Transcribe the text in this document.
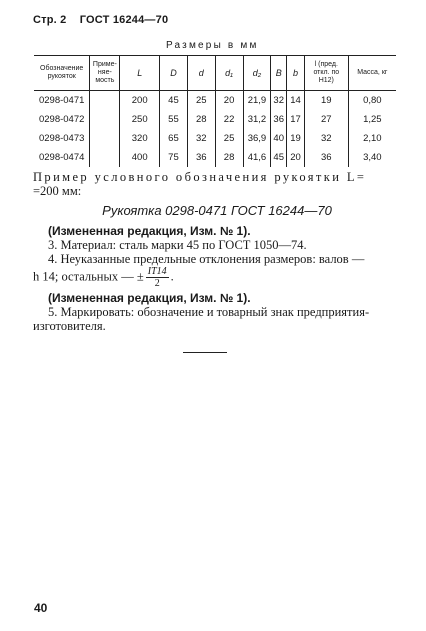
Стр. 2 ГОСТ 16244—70
Размеры в мм
Обозначение рукояток	Приме- няе- мость	L	D	d	d₁	d₂	B	b	l (пред. откл. по H12)	Масса, кг
0298-0471		200	45	25	20	21,9	32	14	19	0,80
0298-0472		250	55	28	22	31,2	36	17	27	1,25
0298-0473		320	65	32	25	36,9	40	19	32	2,10
0298-0474		400	75	36	28	41,6	45	20	36	3,40
Пример условного обозначения рукоятки L=
=200 мм:
Рукоятка 0298-0471 ГОСТ 16244—70
(Измененная редакция, Изм. № 1).
3. Материал: сталь марки 45 по ГОСТ 1050—74.
4. Неуказанные предельные отклонения размеров: валов —
h 14; остальных — ± $\frac{IT14}{2}$ .
(Измененная редакция, Изм. № 1).
5. Маркировать: обозначение и товарный знак предприятия-
изготовителя.
40
